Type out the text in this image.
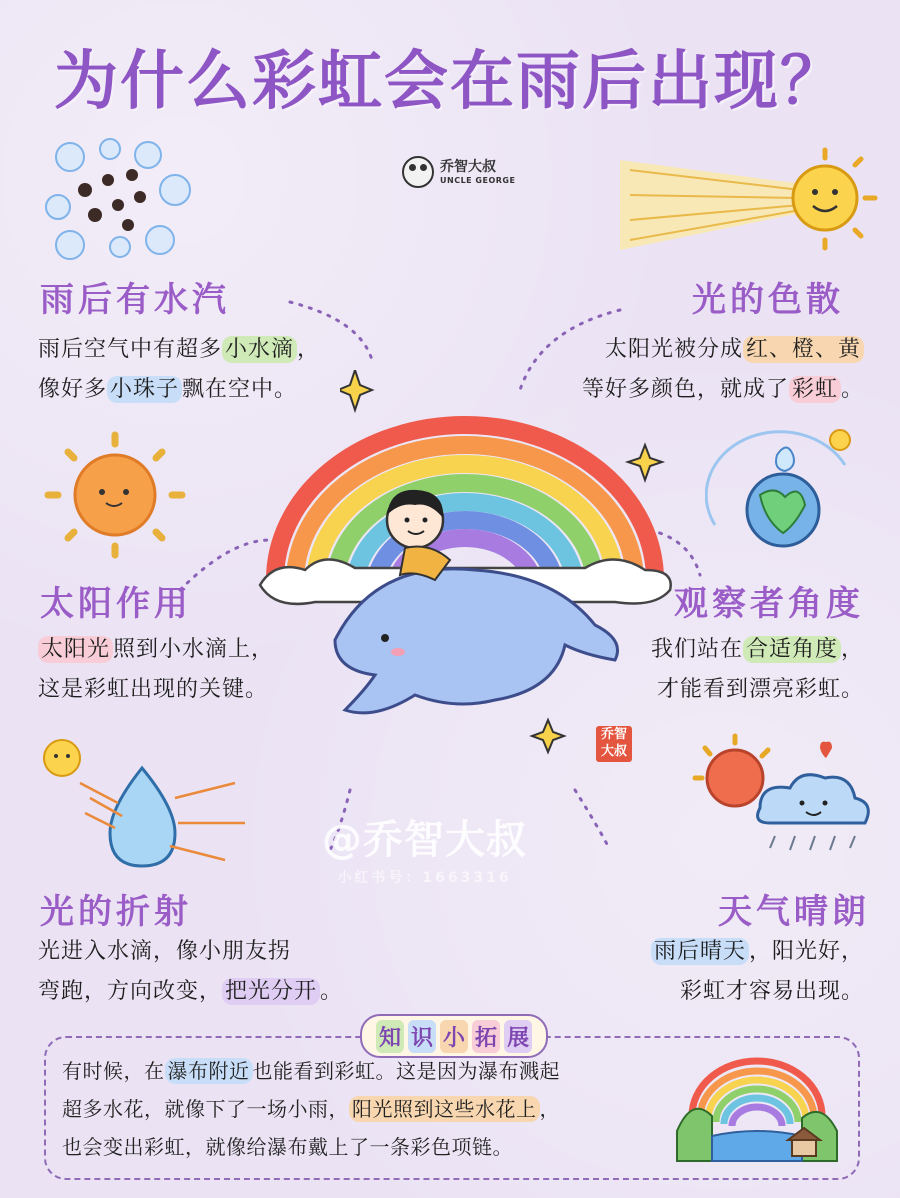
为什么彩虹会在雨后出现？
乔智大叔
UNCLE GEORGE
雨后有水汽
雨后空气中有超多 小水滴 ，
像好多 小珠子 飘在空中。
光的色散
太阳光被分成 红、橙、黄
等好多颜色，就成了 彩虹 。
太阳作用
太阳光 照到小水滴上，
这是彩虹出现的关键。
观察者角度
我们站在 合适角度 ，
才能看到漂亮彩虹。
乔智大叔
@乔智大叔
小红书号：1663316
光的折射
光进入水滴，像小朋友拐
弯跑，方向改变， 把光分开 。
天气晴朗
雨后晴天 ，阳光好，
彩虹才容易出现。
知 识 小 拓 展
有时候，在 瀑布附近 也能看到彩虹。这是因为瀑布溅起
超多水花，就像下了一场小雨， 阳光照到这些水花上 ，
也会变出彩虹，就像给瀑布戴上了一条彩色项链。
